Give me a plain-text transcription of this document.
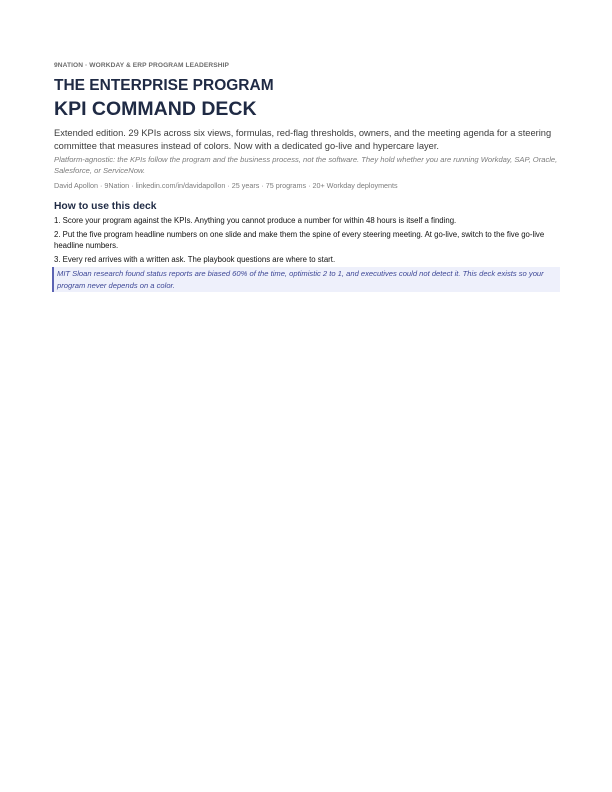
9NATION · WORKDAY & ERP PROGRAM LEADERSHIP
THE ENTERPRISE PROGRAM
KPI COMMAND DECK

Extended edition. 29 KPIs across six views, formulas, red-flag thresholds, owners, and the meeting agenda for a steering committee that measures instead of colors. Now with a dedicated go-live and hypercare layer.

Platform-agnostic: the KPIs follow the program and the business process, not the software. They hold whether you are running Workday, SAP, Oracle, Salesforce, or ServiceNow.

David Apollon · 9Nation · linkedin.com/in/davidapollon · 25 years · 75 programs · 20+ Workday deployments
How to use this deck
1. Score your program against the KPIs. Anything you cannot produce a number for within 48 hours is itself a finding.
2. Put the five program headline numbers on one slide and make them the spine of every steering meeting. At go-live, switch to the five go-live headline numbers.
3. Every red arrives with a written ask. The playbook questions are where to start.
MIT Sloan research found status reports are biased 60% of the time, optimistic 2 to 1, and executives could not detect it. This deck exists so your program never depends on a color.
